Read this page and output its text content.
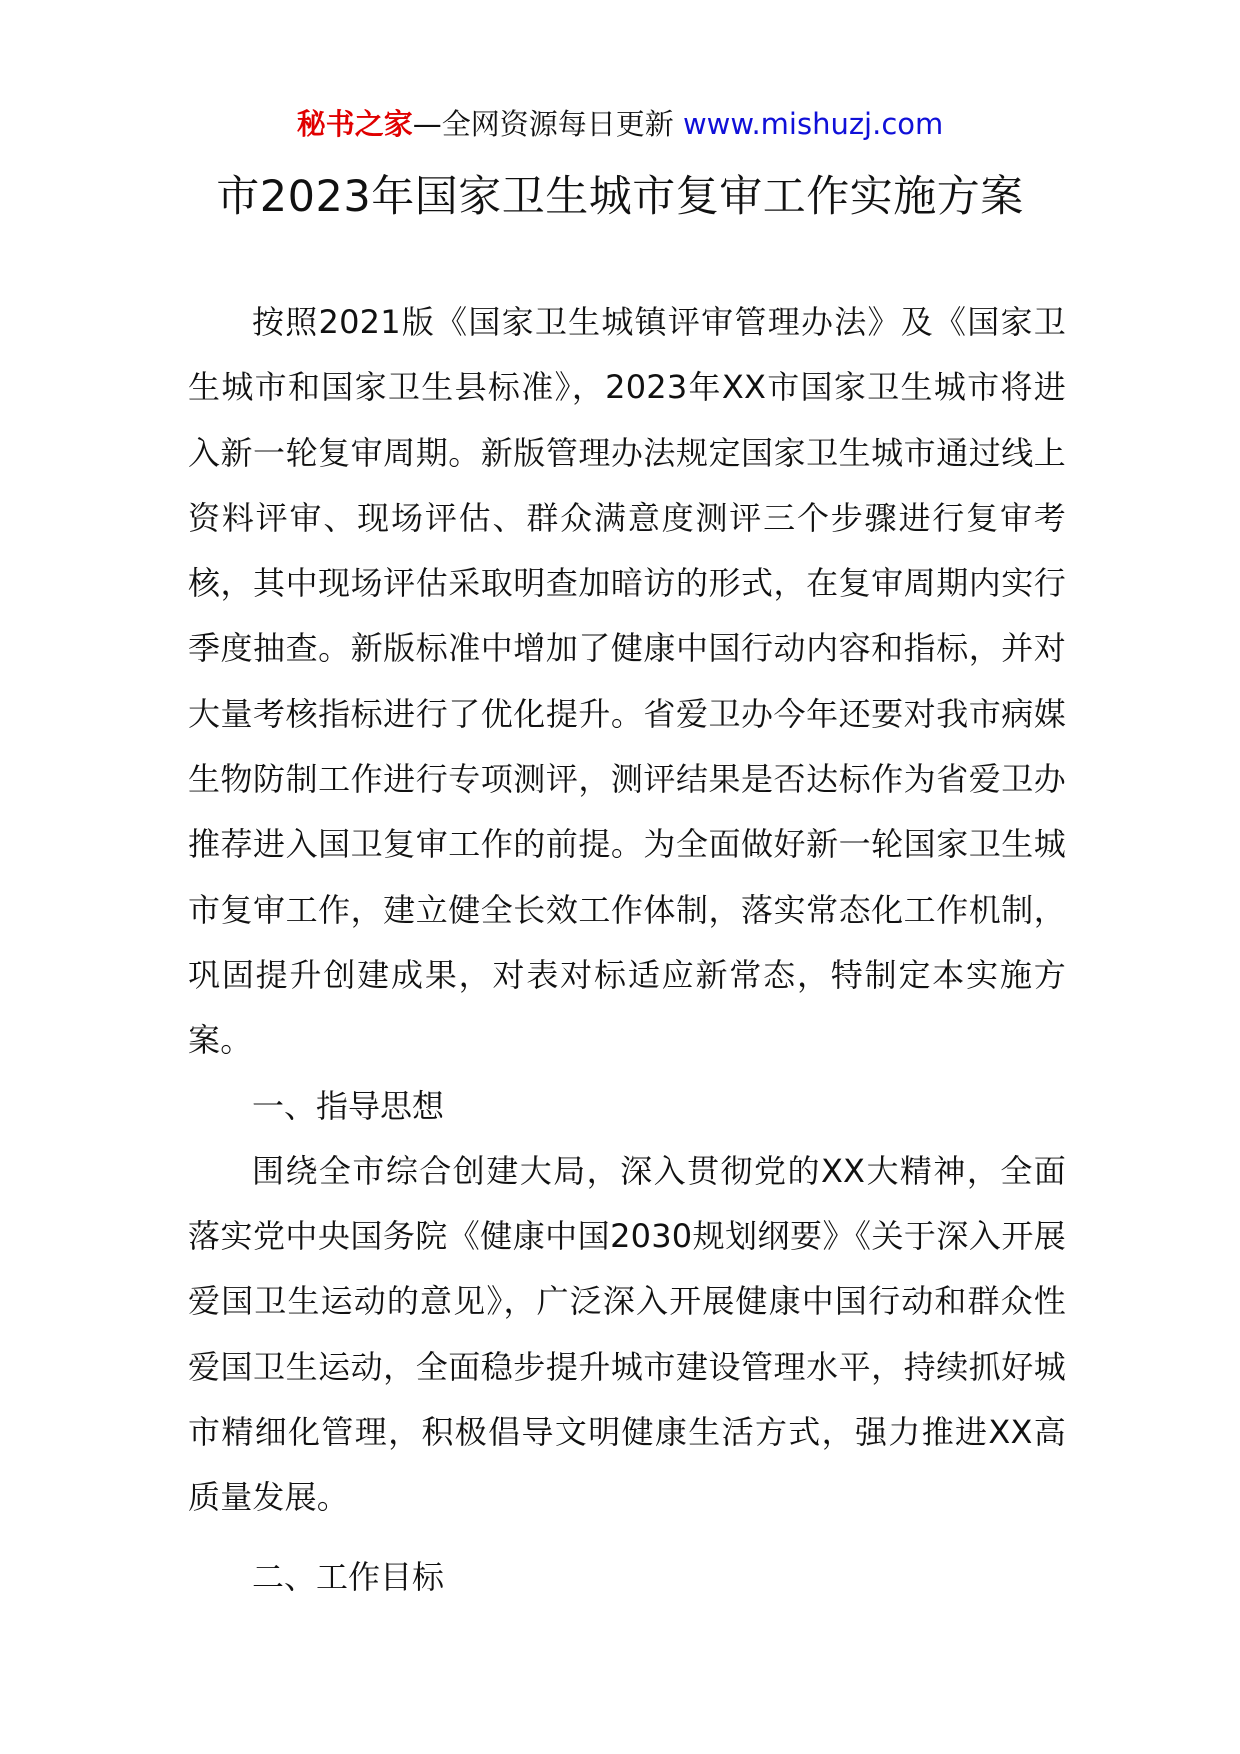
秘书之家—全网资源每日更新 www.mishuzj.com
市2023年国家卫生城市复审工作实施方案

按照2021版《国家卫生城镇评审管理办法》及《国家卫生城市和国家卫生县标准》，2023年XX市国家卫生城市将进入新一轮复审周期。新版管理办法规定国家卫生城市通过线上资料评审、现场评估、群众满意度测评三个步骤进行复审考核，其中现场评估采取明查加暗访的形式，在复审周期内实行季度抽查。新版标准中增加了健康中国行动内容和指标，并对大量考核指标进行了优化提升。省爱卫办今年还要对我市病媒生物防制工作进行专项测评，测评结果是否达标作为省爱卫办推荐进入国卫复审工作的前提。为全面做好新一轮国家卫生城市复审工作，建立健全长效工作体制，落实常态化工作机制，巩固提升创建成果，对表对标适应新常态，特制定本实施方案。

一、指导思想

围绕全市综合创建大局，深入贯彻党的XX大精神，全面落实党中央国务院《健康中国2030规划纲要》《关于深入开展爱国卫生运动的意见》，广泛深入开展健康中国行动和群众性爱国卫生运动，全面稳步提升城市建设管理水平，持续抓好城市精细化管理，积极倡导文明健康生活方式，强力推进XX高质量发展。

二、工作目标
